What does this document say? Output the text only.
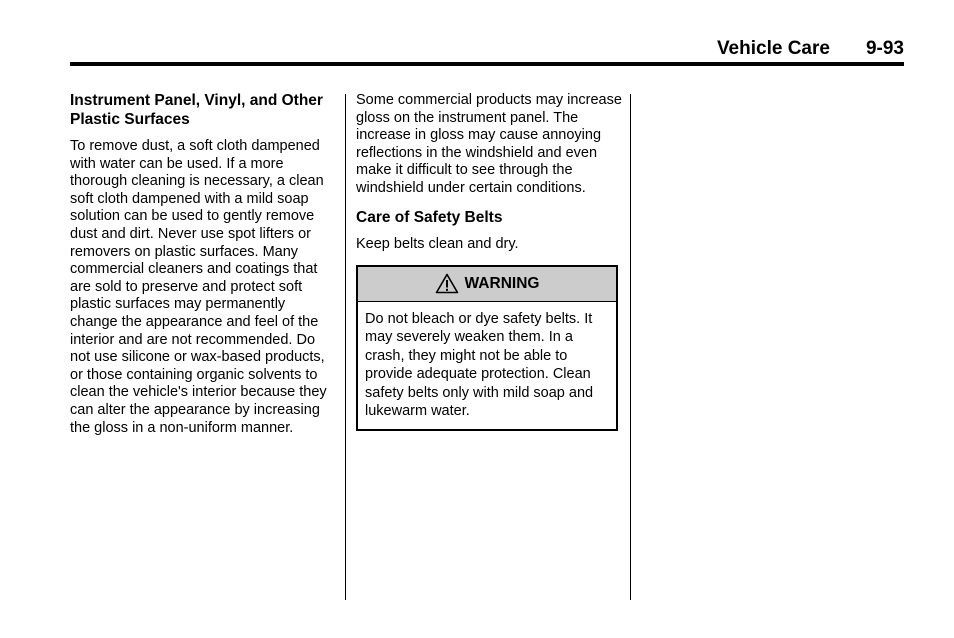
Vehicle Care 9-93
Instrument Panel, Vinyl, and Other Plastic Surfaces

To remove dust, a soft cloth dampened with water can be used. If a more thorough cleaning is necessary, a clean soft cloth dampened with a mild soap solution can be used to gently remove dust and dirt. Never use spot lifters or removers on plastic surfaces. Many commercial cleaners and coatings that are sold to preserve and protect soft plastic surfaces may permanently change the appearance and feel of the interior and are not recommended. Do not use silicone or wax-based products, or those containing organic solvents to clean the vehicle's interior because they can alter the appearance by increasing the gloss in a non-uniform manner.

Some commercial products may increase gloss on the instrument panel. The increase in gloss may cause annoying reflections in the windshield and even make it difficult to see through the windshield under certain conditions.

Care of Safety Belts

Keep belts clean and dry.

WARNING
Do not bleach or dye safety belts. It may severely weaken them. In a crash, they might not be able to provide adequate protection. Clean safety belts only with mild soap and lukewarm water.
